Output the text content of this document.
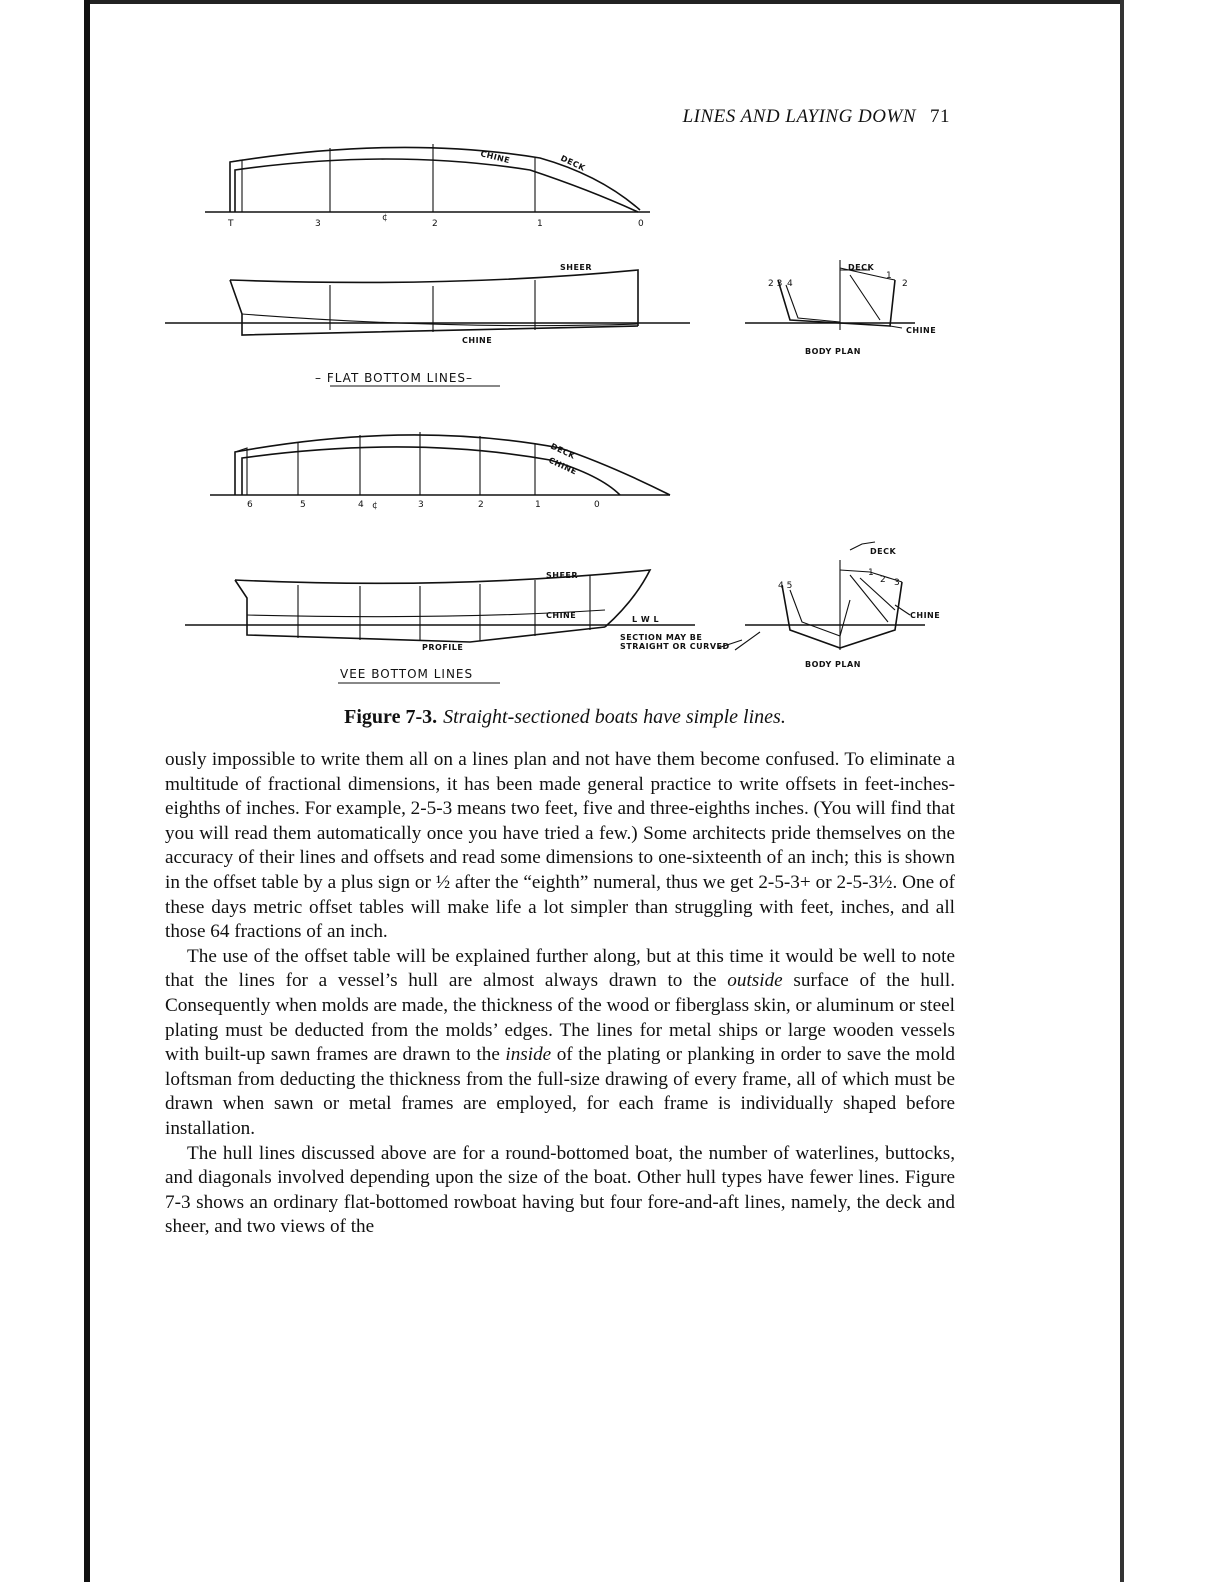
LINES AND LAYING DOWN 71
CHINE	DECK
T	3	2	1	0
¢
SHEER
CHINE
– FLAT BOTTOM LINES–
DECK
CHINE
2 3 4
1
2
BODY PLAN
DECK
CHINE
6	5	4	3	2	1	0
¢
SHEER
CHINE	L W L
PROFILE
SECTION MAY BE
STRAIGHT OR CURVED
VEE BOTTOM LINES
DECK
CHINE
4 5
1
2 3
BODY PLAN
Figure 7-3. Straight-sectioned boats have simple lines.

ously impossible to write them all on a lines plan and not have them become confused. To eliminate a multitude of fractional dimensions, it has been made general practice to write offsets in feet-inches-eighths of inches. For example, 2-5-3 means two feet, five and three-eighths inches. (You will find that you will read them automatically once you have tried a few.) Some architects pride themselves on the accuracy of their lines and offsets and read some dimensions to one-sixteenth of an inch; this is shown in the offset table by a plus sign or ½ after the “eighth” numeral, thus we get 2-5-3+ or 2-5-3½. One of these days metric offset tables will make life a lot simpler than struggling with feet, inches, and all those 64 fractions of an inch.

The use of the offset table will be explained further along, but at this time it would be well to note that the lines for a vessel’s hull are almost always drawn to the outside surface of the hull. Consequently when molds are made, the thickness of the wood or fiberglass skin, or aluminum or steel plating must be deducted from the molds’ edges. The lines for metal ships or large wooden vessels with built-up sawn frames are drawn to the inside of the plating or planking in order to save the mold loftsman from deducting the thickness from the full-size drawing of every frame, all of which must be drawn when sawn or metal frames are employed, for each frame is individually shaped before installation.

The hull lines discussed above are for a round-bottomed boat, the number of waterlines, buttocks, and diagonals involved depending upon the size of the boat. Other hull types have fewer lines. Figure 7-3 shows an ordinary flat-bottomed rowboat having but four fore-and-aft lines, namely, the deck and sheer, and two views of the
